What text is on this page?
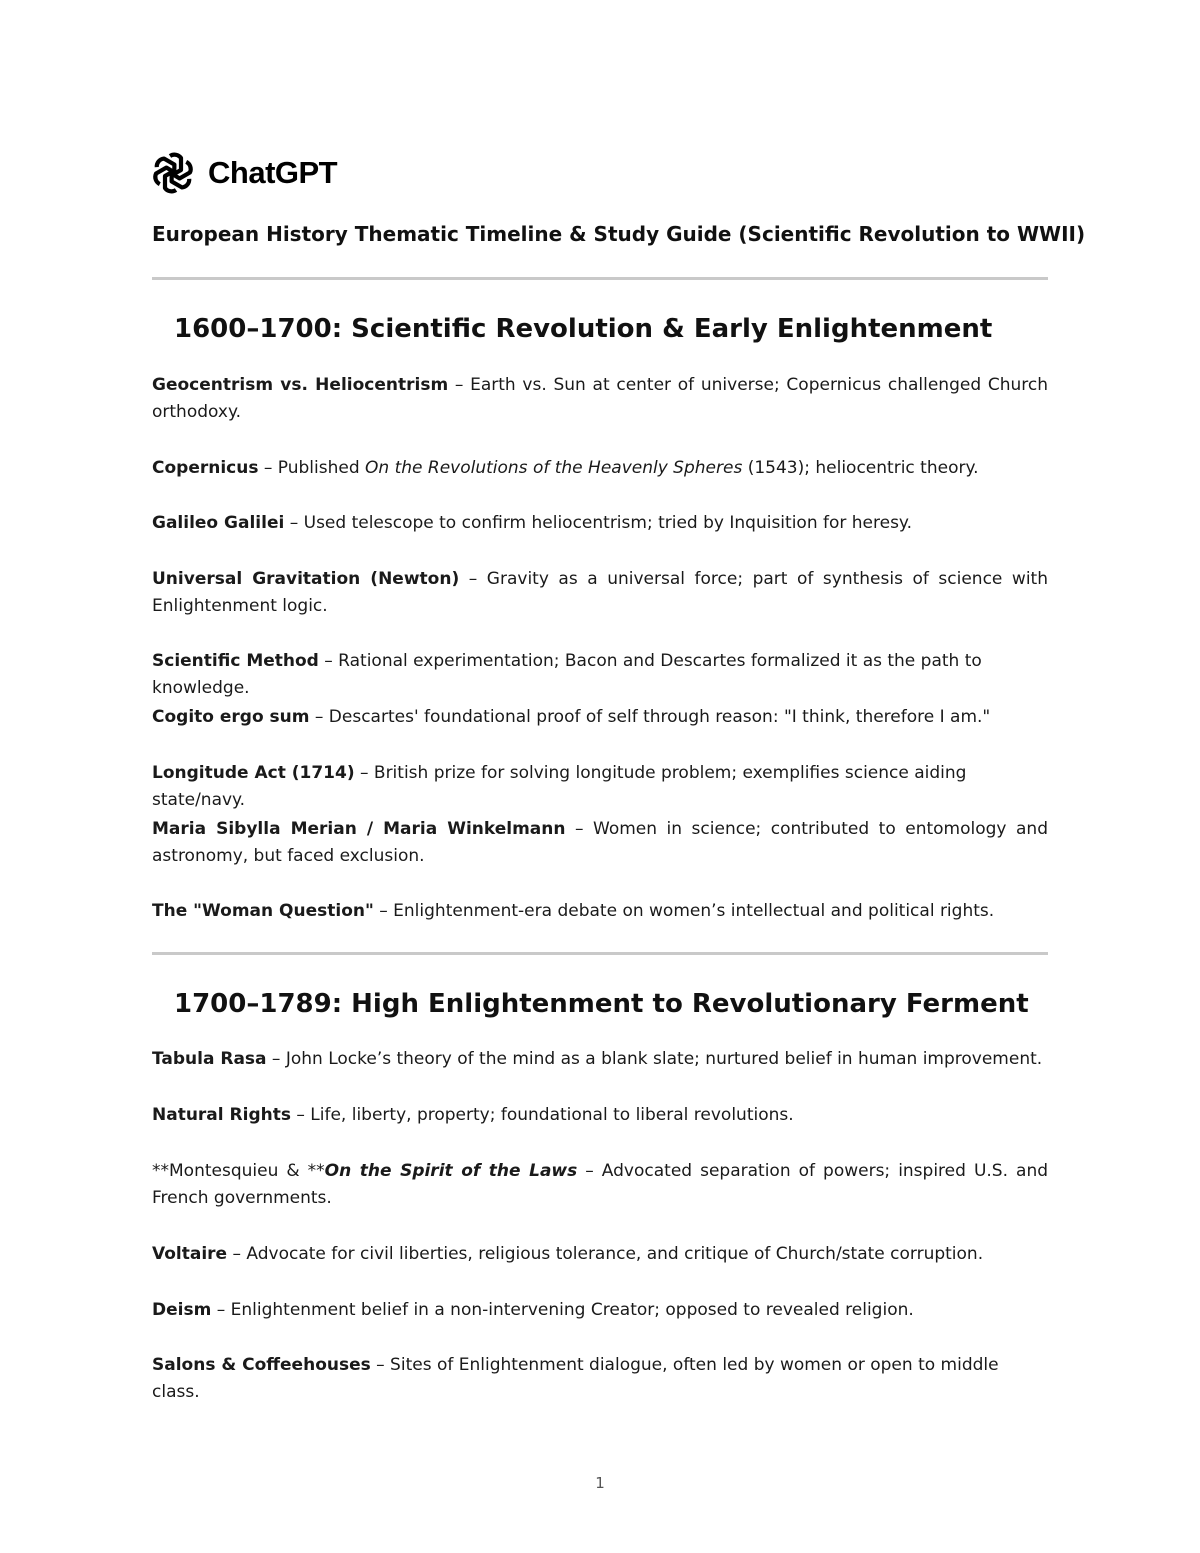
ChatGPT
European History Thematic Timeline & Study Guide (Scientific Revolution to WWII)
1600–1700: Scientific Revolution & Early Enlightenment
Geocentrism vs. Heliocentrism – Earth vs. Sun at center of universe; Copernicus challenged Church orthodoxy.
Copernicus – Published On the Revolutions of the Heavenly Spheres (1543); heliocentric theory.
Galileo Galilei – Used telescope to confirm heliocentrism; tried by Inquisition for heresy.
Universal Gravitation (Newton) – Gravity as a universal force; part of synthesis of science with Enlightenment logic.
Scientific Method – Rational experimentation; Bacon and Descartes formalized it as the path to knowledge.
Cogito ergo sum – Descartes' foundational proof of self through reason: "I think, therefore I am."
Longitude Act (1714) – British prize for solving longitude problem; exemplifies science aiding state/navy.
Maria Sibylla Merian / Maria Winkelmann – Women in science; contributed to entomology and astronomy, but faced exclusion.
The "Woman Question" – Enlightenment-era debate on women’s intellectual and political rights.
1700–1789: High Enlightenment to Revolutionary Ferment
Tabula Rasa – John Locke’s theory of the mind as a blank slate; nurtured belief in human improvement.
Natural Rights – Life, liberty, property; foundational to liberal revolutions.
**Montesquieu & **On the Spirit of the Laws – Advocated separation of powers; inspired U.S. and French governments.
Voltaire – Advocate for civil liberties, religious tolerance, and critique of Church/state corruption.
Deism – Enlightenment belief in a non-intervening Creator; opposed to revealed religion.
Salons & Coffeehouses – Sites of Enlightenment dialogue, often led by women or open to middle class.
1
